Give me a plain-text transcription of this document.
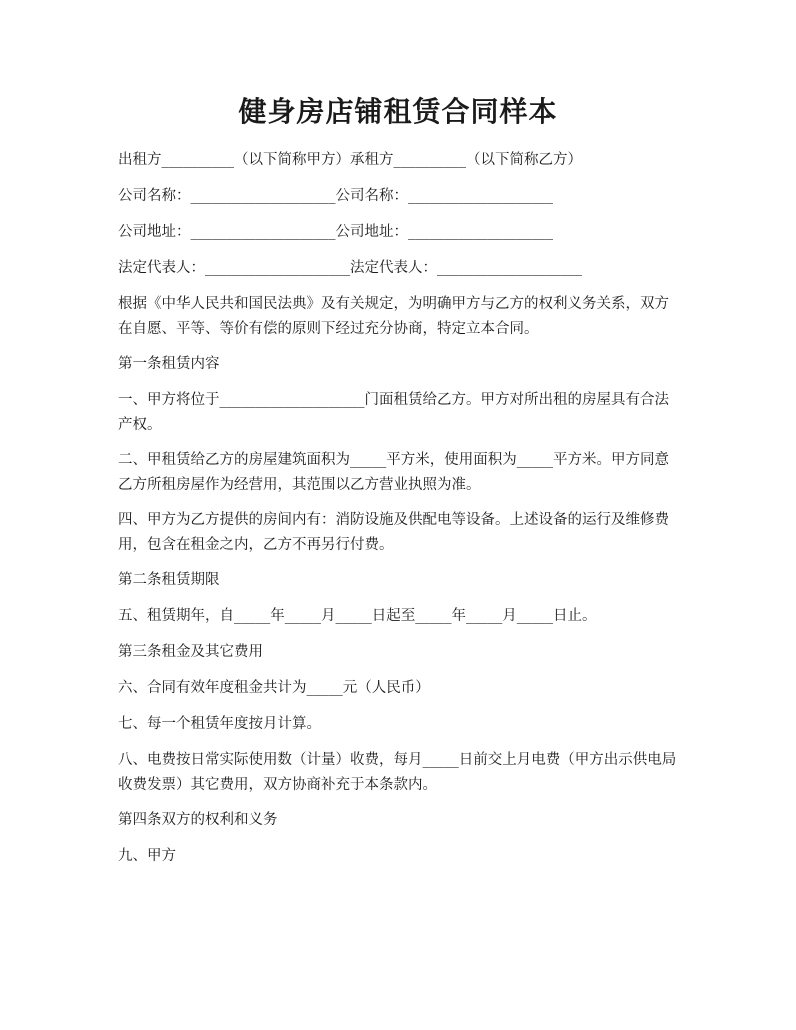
健身房店铺租赁合同样本
出租方__________（以下简称甲方）承租方__________（以下简称乙方）
公司名称：____________________公司名称：____________________
公司地址：____________________公司地址：____________________
法定代表人：____________________法定代表人：____________________
根据《中华人民共和国民法典》及有关规定，为明确甲方与乙方的权利义务关系，双方在自愿、平等、等价有偿的原则下经过充分协商，特定立本合同。
第一条租赁内容
一、甲方将位于____________________门面租赁给乙方。甲方对所出租的房屋具有合法产权。
二、甲租赁给乙方的房屋建筑面积为_____平方米，使用面积为_____平方米。甲方同意乙方所租房屋作为经营用，其范围以乙方营业执照为准。
四、甲方为乙方提供的房间内有：消防设施及供配电等设备。上述设备的运行及维修费用，包含在租金之内，乙方不再另行付费。
第二条租赁期限
五、租赁期年，自_____年_____月_____日起至_____年_____月_____日止。
第三条租金及其它费用
六、合同有效年度租金共计为_____元（人民币）
七、每一个租赁年度按月计算。
八、电费按日常实际使用数（计量）收费，每月_____日前交上月电费（甲方出示供电局收费发票）其它费用，双方协商补充于本条款内。
第四条双方的权利和义务
九、甲方
